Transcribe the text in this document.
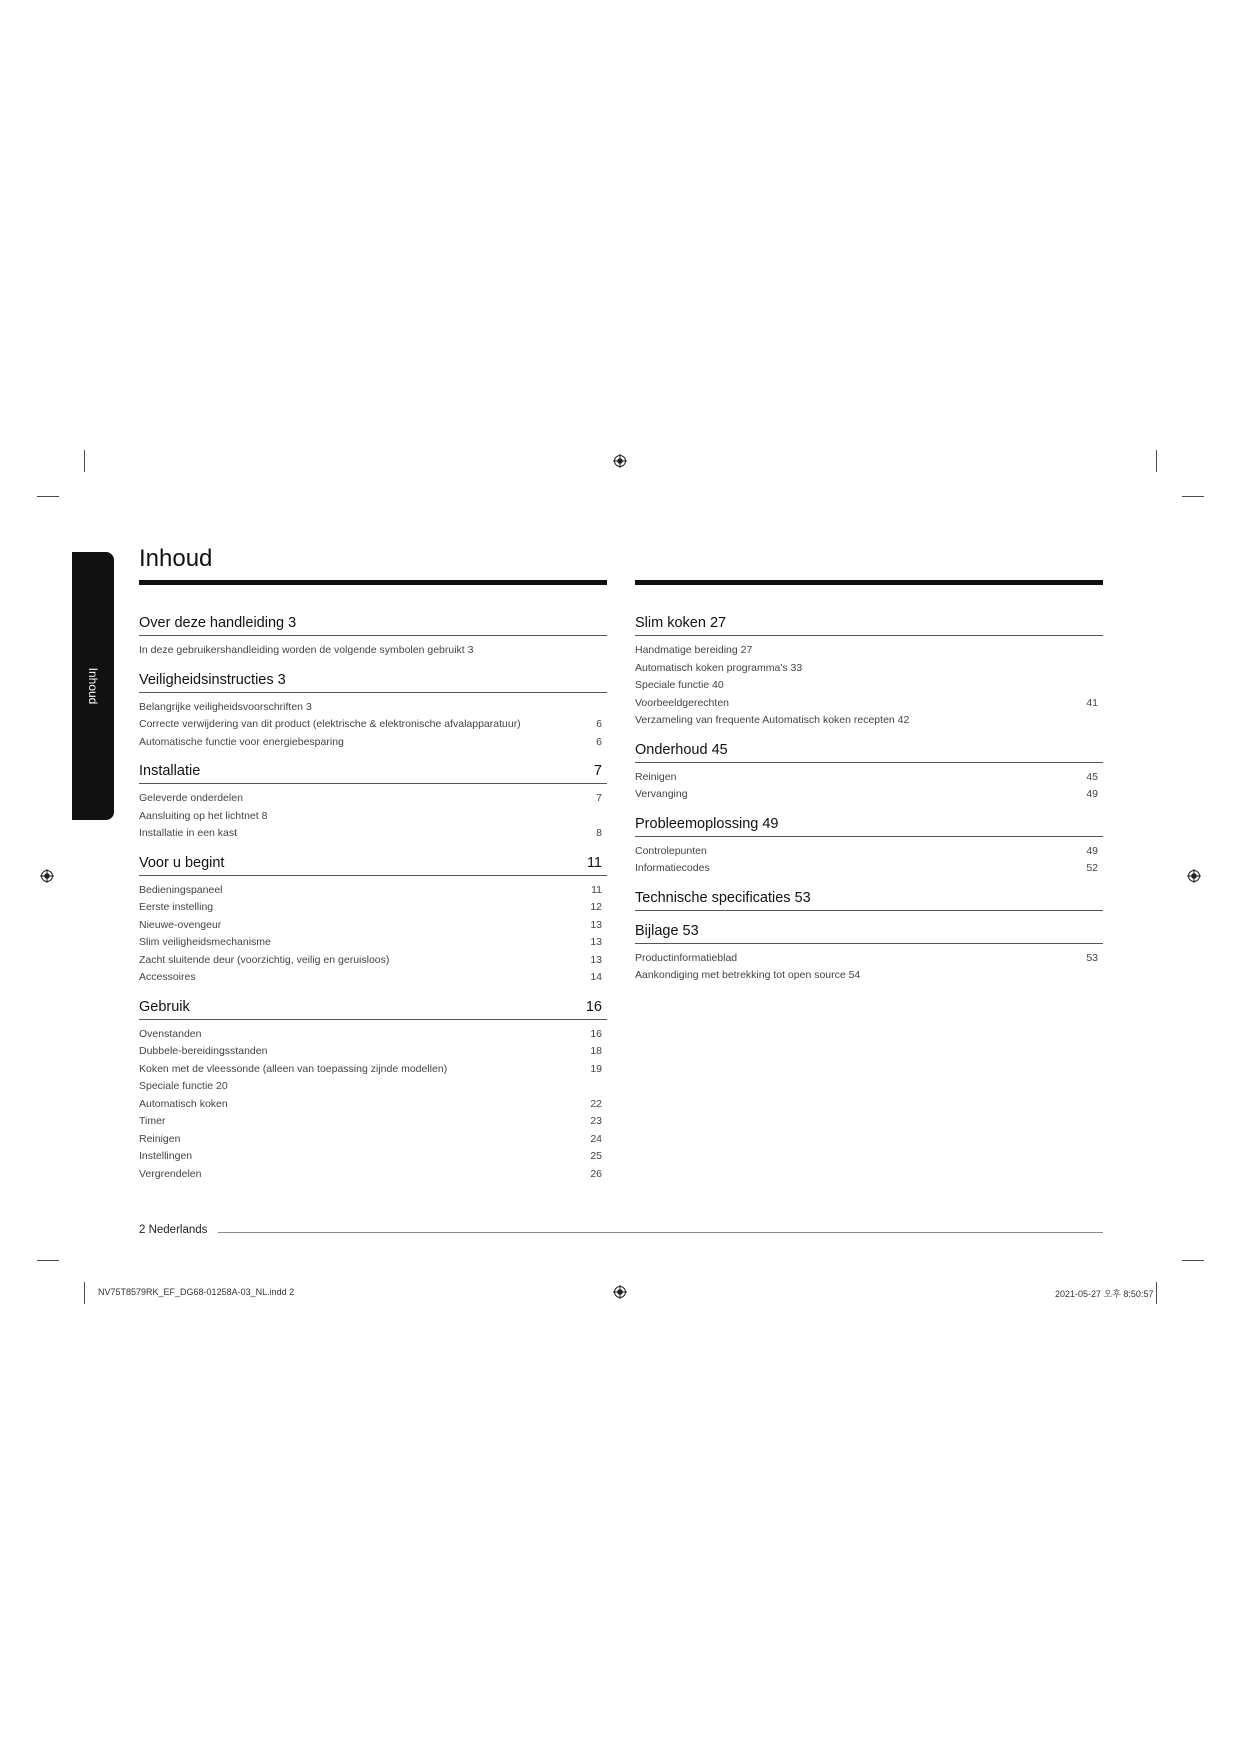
Inhoud
Inhoud
Over deze handleiding 3
In deze gebruikershandleiding worden de volgende symbolen gebruikt 3
Veiligheidsinstructies 3
Belangrijke veiligheidsvoorschriften 3
Correcte verwijdering van dit product (elektrische & elektronische afvalapparatuur)	6
Automatische functie voor energiebesparing	6
Installatie	7
Geleverde onderdelen	7
Aansluiting op het lichtnet 8
Installatie in een kast	8
Voor u begint	11
Bedieningspaneel	11
Eerste instelling	12
Nieuwe-ovengeur	13
Slim veiligheidsmechanisme	13
Zacht sluitende deur (voorzichtig, veilig en geruisloos)	13
Accessoires	14
Gebruik	16
Ovenstanden	16
Dubbele-bereidingsstanden	18
Koken met de vleessonde (alleen van toepassing zijnde modellen)	19
Speciale functie 20
Automatisch koken	22
Timer	23
Reinigen	24
Instellingen	25
Vergrendelen	26
Slim koken 27
Handmatige bereiding 27
Automatisch koken programma's 33
Speciale functie 40
Voorbeeldgerechten	41
Verzameling van frequente Automatisch koken recepten 42
Onderhoud 45
Reinigen	45
Vervanging	49
Probleemoplossing 49
Controlepunten	49
Informatiecodes	52
Technische specificaties 53
Bijlage 53
Productinformatieblad	53
Aankondiging met betrekking tot open source 54
2 Nederlands
NV75T8579RK_EF_DG68-01258A-03_NL.indd 2	2021-05-27 오후 8:50:57
